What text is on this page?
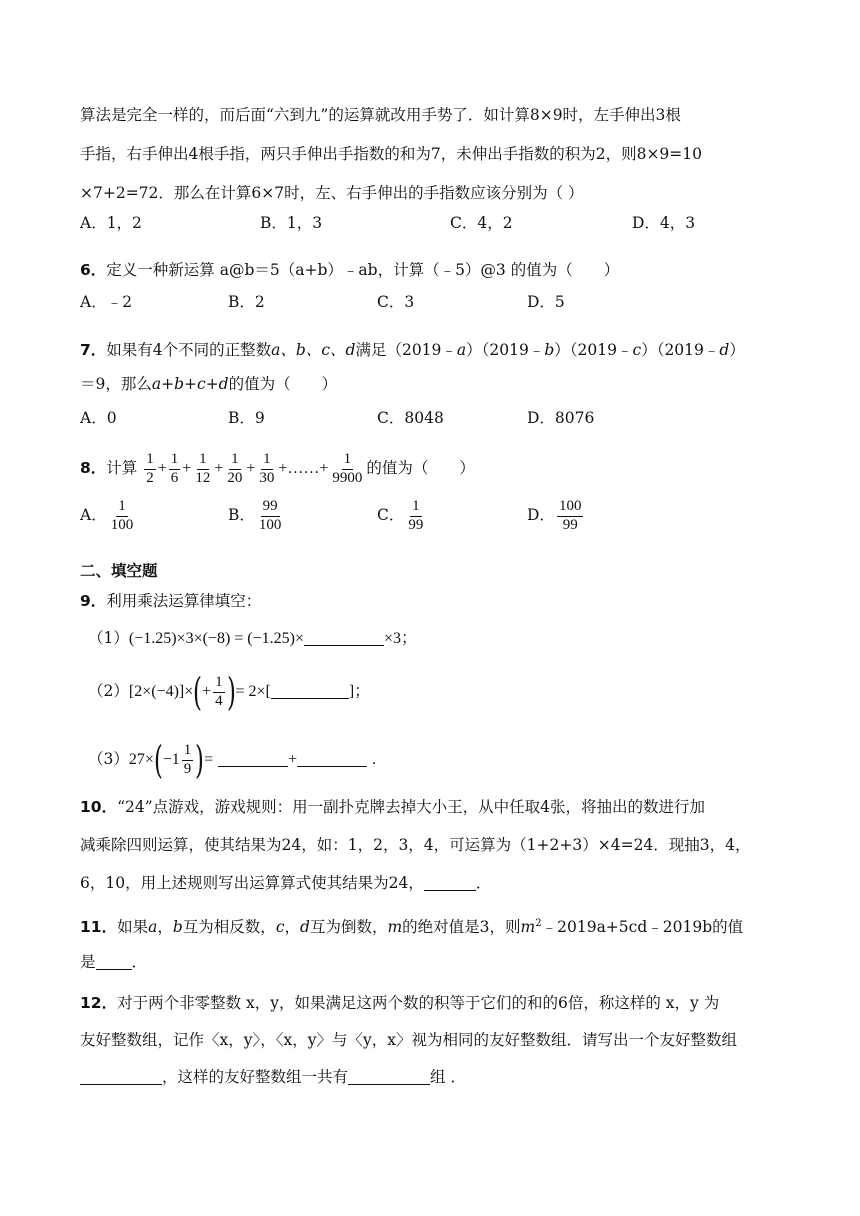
算法是完全一样的，而后面“六到九”的运算就改用手势了．如计算8×9时，左手伸出3根
手指，右手伸出4根手指，两只手伸出手指数的和为7，未伸出手指数的积为2，则8×9=10
×7+2=72．那么在计算6×7时，左、右手伸出的手指数应该分别为（ ）
A．1，2	B．1，3	C．4，2	D．4，3
6．定义一种新运算 a@b＝5（a+b）﹣ab，计算（﹣5）@3 的值为（　　）
A．﹣2	B．2	C．3	D．5
7．如果有4个不同的正整数a、b、c、d满足（2019﹣a）（2019﹣b）（2019﹣c）（2019﹣d）
＝9，那么a+b+c+d的值为（　　）
A．0	B．9	C．8048	D．8076
8．计算 $\frac{1}{2} + \frac{1}{6} + \frac{1}{12} + \frac{1}{20} + \frac{1}{30}$ +……+ $\frac{1}{9900}$ 的值为（　　）
A． $\frac{1}{100}$	B． $\frac{99}{100}$	C． $\frac{1}{99}$	D． $\frac{100}{99}$
二、填空题
9．利用乘法运算律填空：
（1）(−1.25)×3×(−8) = (−1.25)×	×3；
$(2)[2\times(-4)]\times(+ \frac{1}{4}$ )= 2×[	]；
$(3)27\times(-1 \frac{1}{9}$ )=	+	.
10．“24”点游戏，游戏规则：用一副扑克牌去掉大小王，从中任取4张，将抽出的数进行加
减乘除四则运算，使其结果为24，如：1，2，3，4，可运算为（1+2+3）×4=24．现抽3，4，
6，10，用上述规则写出运算算式使其结果为24，	．
11．如果a，b互为相反数，c，d互为倒数，m的绝对值是3，则$m^2﹣2019a+5cd﹣2019b$的值
是 ．
12．对于两个非零整数 x，y，如果满足这两个数的积等于它们的和的6倍，称这样的 x，y 为
友好整数组，记作〈x，y〉，〈x，y〉与〈y，x〉视为相同的友好整数组．请写出一个友好整数组
，这样的友好整数组一共有	组 ．
